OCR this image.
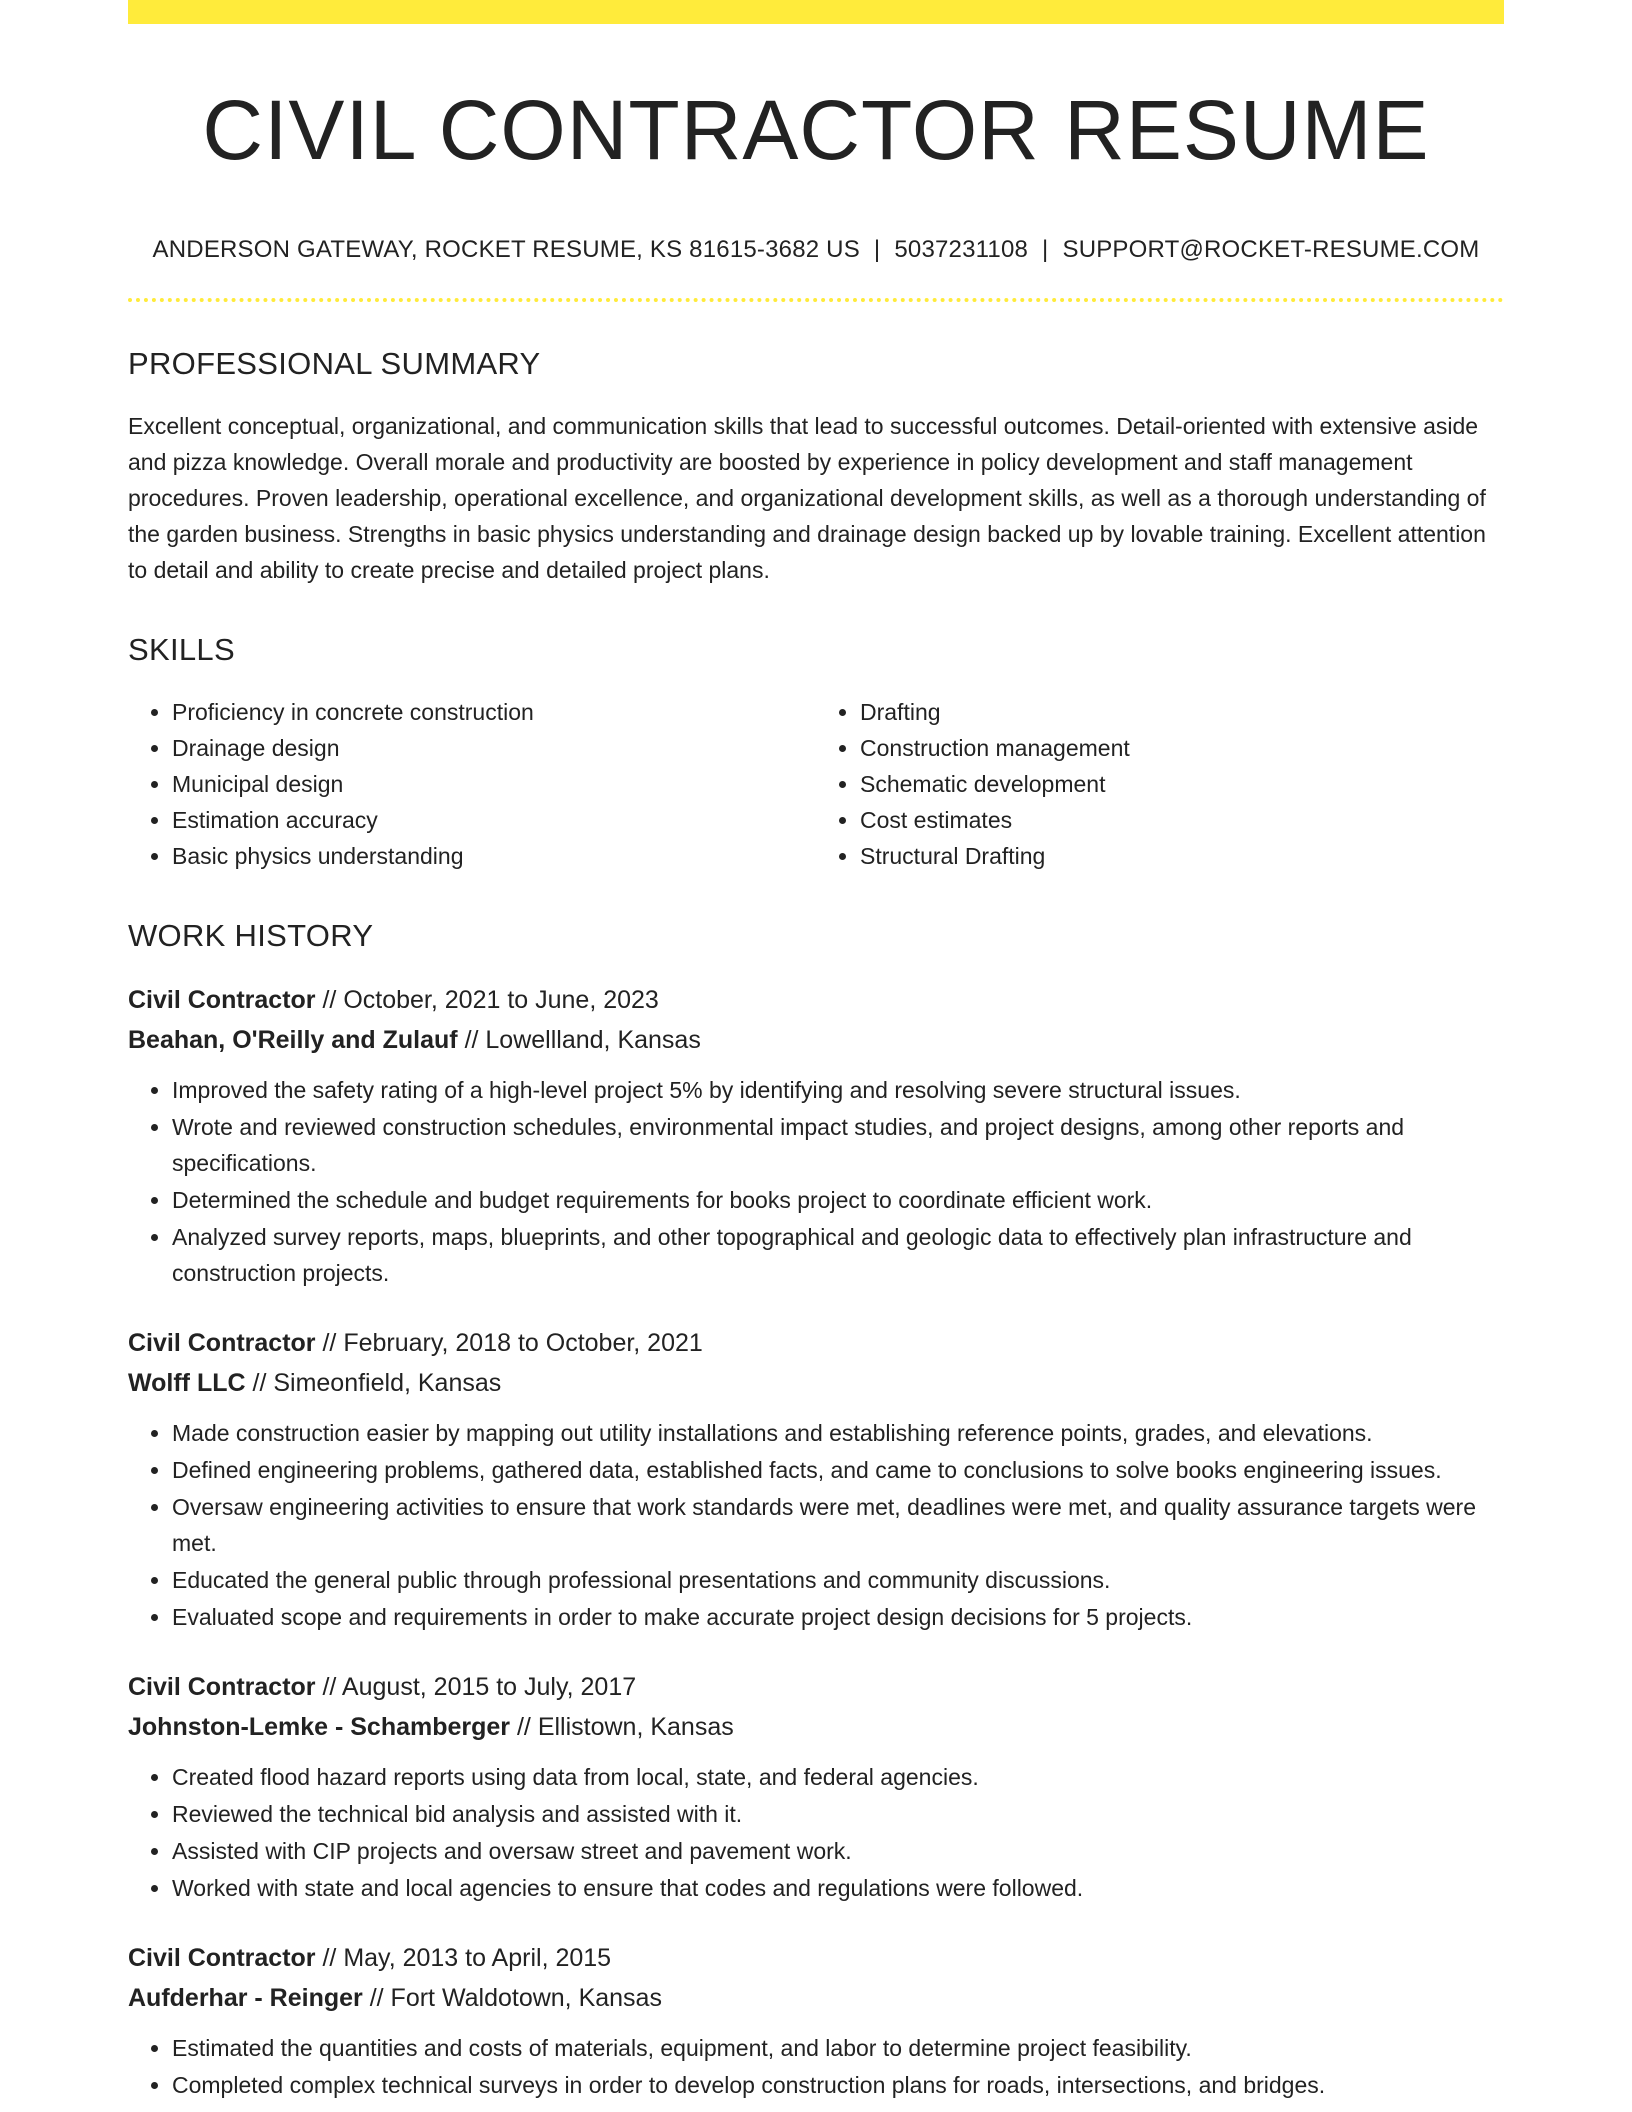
CIVIL CONTRACTOR RESUME
ANDERSON GATEWAY, ROCKET RESUME, KS 81615-3682 US | 5037231108 | SUPPORT@ROCKET-RESUME.COM
PROFESSIONAL SUMMARY
Excellent conceptual, organizational, and communication skills that lead to successful outcomes. Detail-oriented with extensive aside and pizza knowledge. Overall morale and productivity are boosted by experience in policy development and staff management procedures. Proven leadership, operational excellence, and organizational development skills, as well as a thorough understanding of the garden business. Strengths in basic physics understanding and drainage design backed up by lovable training. Excellent attention to detail and ability to create precise and detailed project plans.
SKILLS
• Proficiency in concrete construction
• Drainage design
• Municipal design
• Estimation accuracy
• Basic physics understanding
• Drafting
• Construction management
• Schematic development
• Cost estimates
• Structural Drafting
WORK HISTORY
Civil Contractor // October, 2021 to June, 2023
Beahan, O'Reilly and Zulauf // Lowellland, Kansas
• Improved the safety rating of a high-level project 5% by identifying and resolving severe structural issues.
• Wrote and reviewed construction schedules, environmental impact studies, and project designs, among other reports and specifications.
• Determined the schedule and budget requirements for books project to coordinate efficient work.
• Analyzed survey reports, maps, blueprints, and other topographical and geologic data to effectively plan infrastructure and construction projects.
Civil Contractor // February, 2018 to October, 2021
Wolff LLC // Simeonfield, Kansas
• Made construction easier by mapping out utility installations and establishing reference points, grades, and elevations.
• Defined engineering problems, gathered data, established facts, and came to conclusions to solve books engineering issues.
• Oversaw engineering activities to ensure that work standards were met, deadlines were met, and quality assurance targets were met.
• Educated the general public through professional presentations and community discussions.
• Evaluated scope and requirements in order to make accurate project design decisions for 5 projects.
Civil Contractor // August, 2015 to July, 2017
Johnston-Lemke - Schamberger // Ellistown, Kansas
• Created flood hazard reports using data from local, state, and federal agencies.
• Reviewed the technical bid analysis and assisted with it.
• Assisted with CIP projects and oversaw street and pavement work.
• Worked with state and local agencies to ensure that codes and regulations were followed.
Civil Contractor // May, 2013 to April, 2015
Aufderhar - Reinger // Fort Waldotown, Kansas
• Estimated the quantities and costs of materials, equipment, and labor to determine project feasibility.
• Completed complex technical surveys in order to develop construction plans for roads, intersections, and bridges.
